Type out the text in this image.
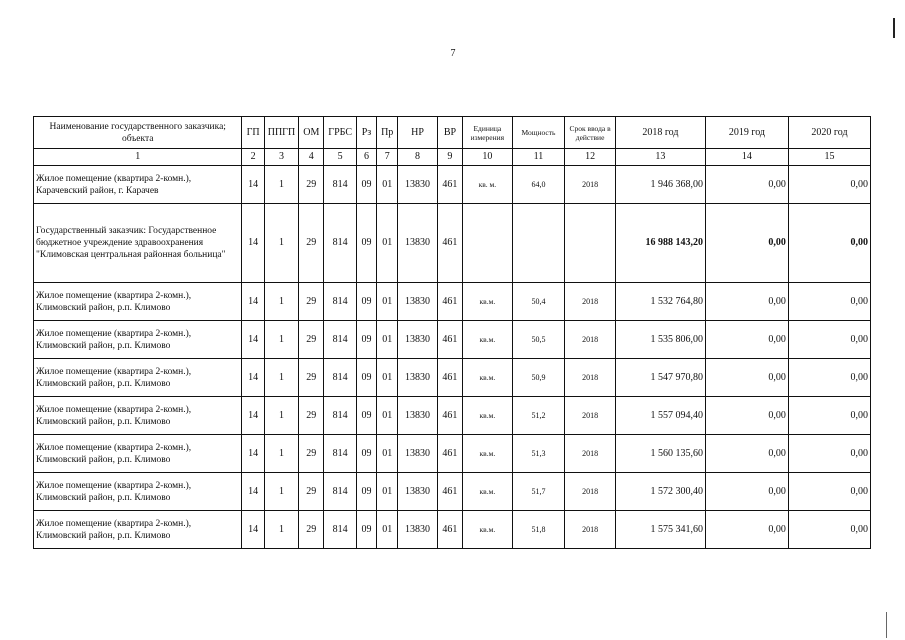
7
Наименование государственного заказчика; объекта	ГП	ППГП	ОМ	ГРБС	Рз	Пр	НР	ВР	Единица измерения	Мощность	Срок ввода в действие	2018 год	2019 год	2020 год
1	2	3	4	5	6	7	8	9	10	11	12	13	14	15
Жилое помещение (квартира 2-комн.), Карачевский район, г. Карачев	14	1	29	814	09	01	13830	461	кв. м.	64,0	2018	1 946 368,00	0,00	0,00
Государственный заказчик: Государственное бюджетное учреждение здравоохранения "Климовская центральная районная больница"	14	1	29	814	09	01	13830	461				16 988 143,20	0,00	0,00
Жилое помещение (квартира 2-комн.), Климовский район, р.п. Климово	14	1	29	814	09	01	13830	461	кв.м.	50,4	2018	1 532 764,80	0,00	0,00
Жилое помещение (квартира 2-комн.), Климовский район, р.п. Климово	14	1	29	814	09	01	13830	461	кв.м.	50,5	2018	1 535 806,00	0,00	0,00
Жилое помещение (квартира 2-комн.), Климовский район, р.п. Климово	14	1	29	814	09	01	13830	461	кв.м.	50,9	2018	1 547 970,80	0,00	0,00
Жилое помещение (квартира 2-комн.), Климовский район, р.п. Климово	14	1	29	814	09	01	13830	461	кв.м.	51,2	2018	1 557 094,40	0,00	0,00
Жилое помещение (квартира 2-комн.), Климовский район, р.п. Климово	14	1	29	814	09	01	13830	461	кв.м.	51,3	2018	1 560 135,60	0,00	0,00
Жилое помещение (квартира 2-комн.), Климовский район, р.п. Климово	14	1	29	814	09	01	13830	461	кв.м.	51,7	2018	1 572 300,40	0,00	0,00
Жилое помещение (квартира 2-комн.), Климовский район, р.п. Климово	14	1	29	814	09	01	13830	461	кв.м.	51,8	2018	1 575 341,60	0,00	0,00
